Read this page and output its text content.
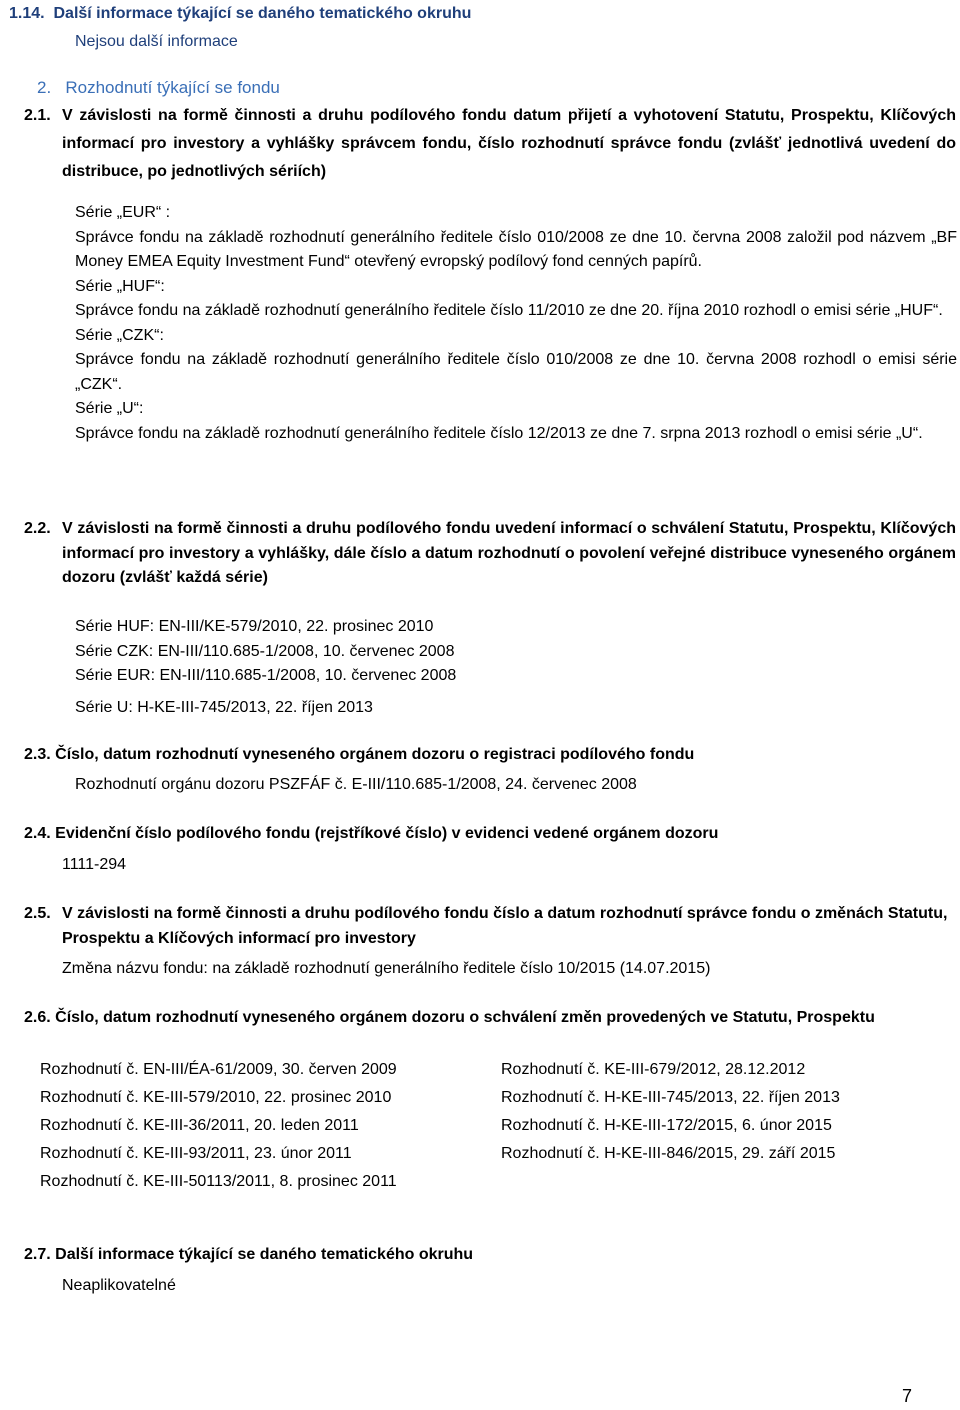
1.14. Další informace týkající se daného tematického okruhu
Nejsou další informace
2. Rozhodnutí týkající se fondu
2.1. V závislosti na formě činnosti a druhu podílového fondu datum přijetí a vyhotovení Statutu, Prospektu, Klíčových informací pro investory a vyhlášky správcem fondu, číslo rozhodnutí správce fondu (zvlášť jednotlivá uvedení do distribuce, po jednotlivých sériích)
Série „EUR“ :
Správce fondu na základě rozhodnutí generálního ředitele číslo 010/2008 ze dne 10. června 2008 založil pod názvem „BF Money EMEA Equity Investment Fund“ otevřený evropský podílový fond cenných papírů.
Série „HUF“:
Správce fondu na základě rozhodnutí generálního ředitele číslo 11/2010 ze dne 20. října 2010 rozhodl o emisi série „HUF“.
Série „CZK“:
Správce fondu na základě rozhodnutí generálního ředitele číslo 010/2008 ze dne 10. června 2008 rozhodl o emisi série „CZK“.
Série „U“:
Správce fondu na základě rozhodnutí generálního ředitele číslo 12/2013 ze dne 7. srpna 2013 rozhodl o emisi série „U“.
2.2. V závislosti na formě činnosti a druhu podílového fondu uvedení informací o schválení Statutu, Prospektu, Klíčových informací pro investory a vyhlášky, dále číslo a datum rozhodnutí o povolení veřejné distribuce vyneseného orgánem dozoru (zvlášť každá série)
Série HUF: EN-III/KE-579/2010, 22. prosinec 2010
Série CZK: EN-III/110.685-1/2008, 10. červenec 2008
Série EUR: EN-III/110.685-1/2008, 10. červenec 2008
Série U: H-KE-III-745/2013, 22. říjen 2013
2.3. Číslo, datum rozhodnutí vyneseného orgánem dozoru o registraci podílového fondu
Rozhodnutí orgánu dozoru PSZFÁF č. E-III/110.685-1/2008, 24. červenec 2008
2.4. Evidenční číslo podílového fondu (rejstříkové číslo) v evidenci vedené orgánem dozoru
1111-294
2.5. V závislosti na formě činnosti a druhu podílového fondu číslo a datum rozhodnutí správce fondu o změnách Statutu, Prospektu a Klíčových informací pro investory
Změna názvu fondu: na základě rozhodnutí generálního ředitele číslo 10/2015 (14.07.2015)
2.6. Číslo, datum rozhodnutí vyneseného orgánem dozoru o schválení změn provedených ve Statutu, Prospektu
Rozhodnutí č. EN-III/ÉA-61/2009, 30. červen 2009
Rozhodnutí č. KE-III-579/2010, 22. prosinec 2010
Rozhodnutí č. KE-III-36/2011, 20. leden 2011
Rozhodnutí č. KE-III-93/2011, 23. únor 2011
Rozhodnutí č. KE-III-50113/2011, 8. prosinec 2011
Rozhodnutí č. KE-III-679/2012, 28.12.2012
Rozhodnutí č. H-KE-III-745/2013, 22. říjen 2013
Rozhodnutí č. H-KE-III-172/2015, 6. únor 2015
Rozhodnutí č. H-KE-III-846/2015, 29. září 2015
2.7. Další informace týkající se daného tematického okruhu
Neaplikovatelné
7
